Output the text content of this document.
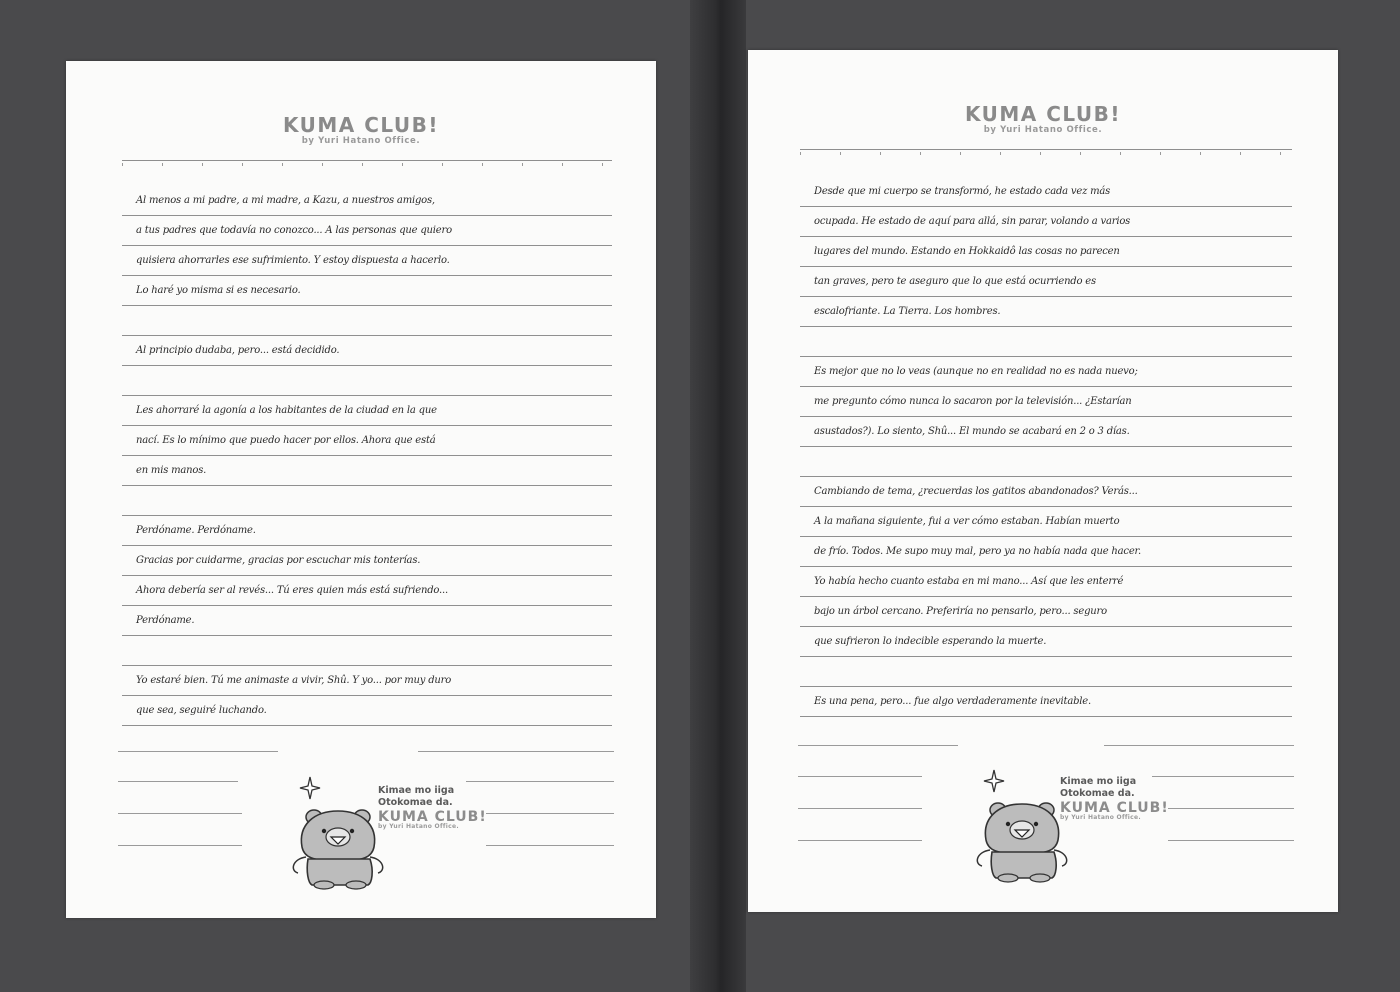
KUMA CLUB!
by Yuri Hatano Office.
Al menos a mi padre, a mi madre, a Kazu, a nuestros amigos,
a tus padres que todavía no conozco... A las personas que quiero
quisiera ahorrarles ese sufrimiento. Y estoy dispuesta a hacerlo.
Lo haré yo misma si es necesario.
Al principio dudaba, pero... está decidido.
Les ahorraré la agonía a los habitantes de la ciudad en la que
nací. Es lo mínimo que puedo hacer por ellos. Ahora que está
en mis manos.
Perdóname. Perdóname.
Gracias por cuidarme, gracias por escuchar mis tonterías.
Ahora debería ser al revés... Tú eres quien más está sufriendo...
Perdóname.
Yo estaré bien. Tú me animaste a vivir, Shû. Y yo... por muy duro
que sea, seguiré luchando.
Kimae mo iiga
Otokomae da.
KUMA CLUB!
by Yuri Hatano Office.
KUMA CLUB!
by Yuri Hatano Office.
Desde que mi cuerpo se transformó, he estado cada vez más
ocupada. He estado de aquí para allá, sin parar, volando a varios
lugares del mundo. Estando en Hokkaidô las cosas no parecen
tan graves, pero te aseguro que lo que está ocurriendo es
escalofriante. La Tierra. Los hombres.
Es mejor que no lo veas (aunque no en realidad no es nada nuevo;
me pregunto cómo nunca lo sacaron por la televisión... ¿Estarían
asustados?). Lo siento, Shû... El mundo se acabará en 2 o 3 días.
Cambiando de tema, ¿recuerdas los gatitos abandonados? Verás...
A la mañana siguiente, fui a ver cómo estaban. Habían muerto
de frío. Todos. Me supo muy mal, pero ya no había nada que hacer.
Yo había hecho cuanto estaba en mi mano... Así que les enterré
bajo un árbol cercano. Preferiría no pensarlo, pero... seguro
que sufrieron lo indecible esperando la muerte.
Es una pena, pero... fue algo verdaderamente inevitable.
Kimae mo iiga
Otokomae da.
KUMA CLUB!
by Yuri Hatano Office.
